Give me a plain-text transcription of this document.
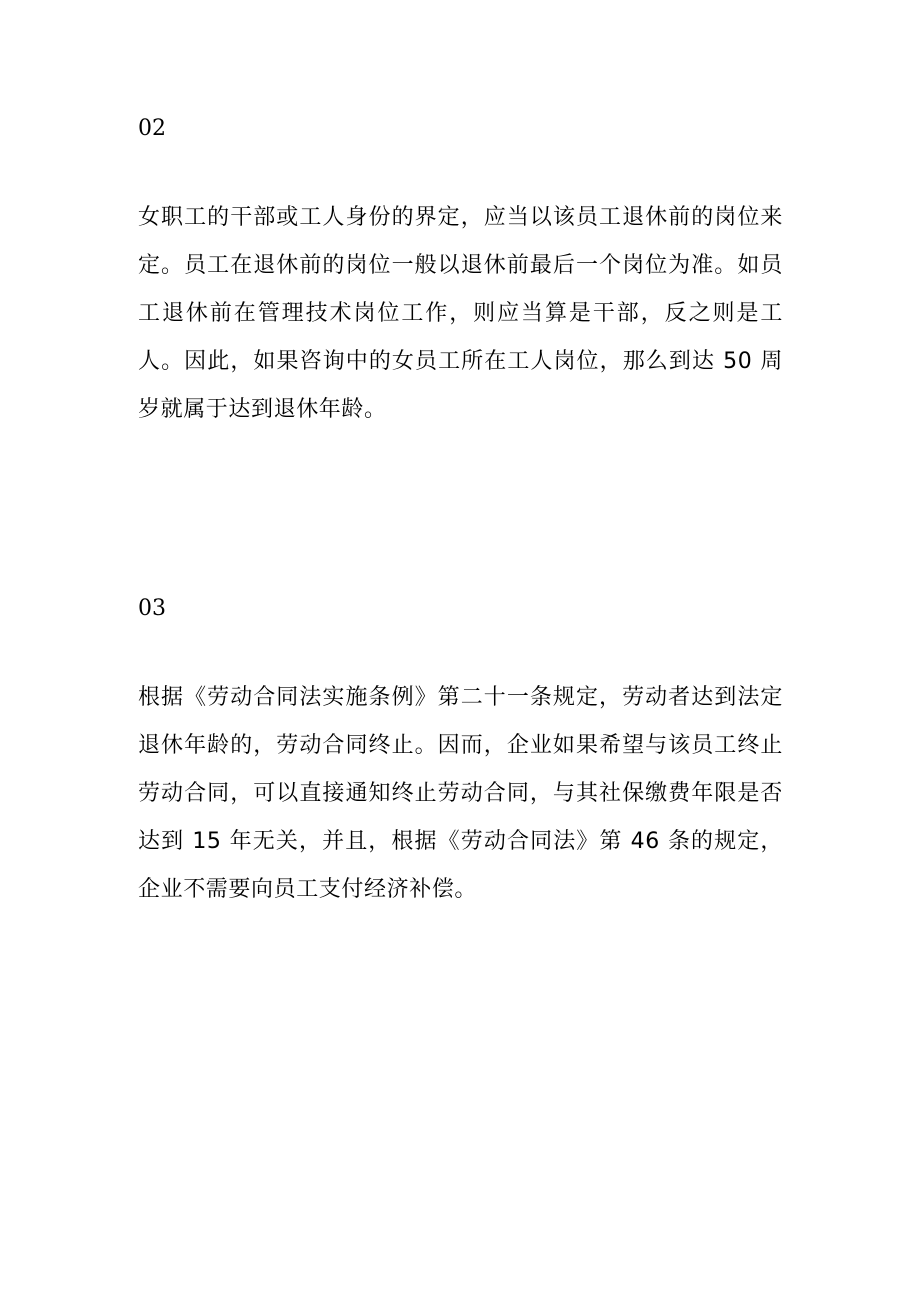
02

女职工的干部或工人身份的界定，应当以该员工退休前的岗位来定。员工在退休前的岗位一般以退休前最后一个岗位为准。如员工退休前在管理技术岗位工作，则应当算是干部，反之则是工人。因此，如果咨询中的女员工所在工人岗位，那么到达 50 周岁就属于达到退休年龄。

03

根据《劳动合同法实施条例》第二十一条规定，劳动者达到法定退休年龄的，劳动合同终止。因而，企业如果希望与该员工终止劳动合同，可以直接通知终止劳动合同，与其社保缴费年限是否达到 15 年无关，并且，根据《劳动合同法》第 46 条的规定，企业不需要向员工支付经济补偿。
